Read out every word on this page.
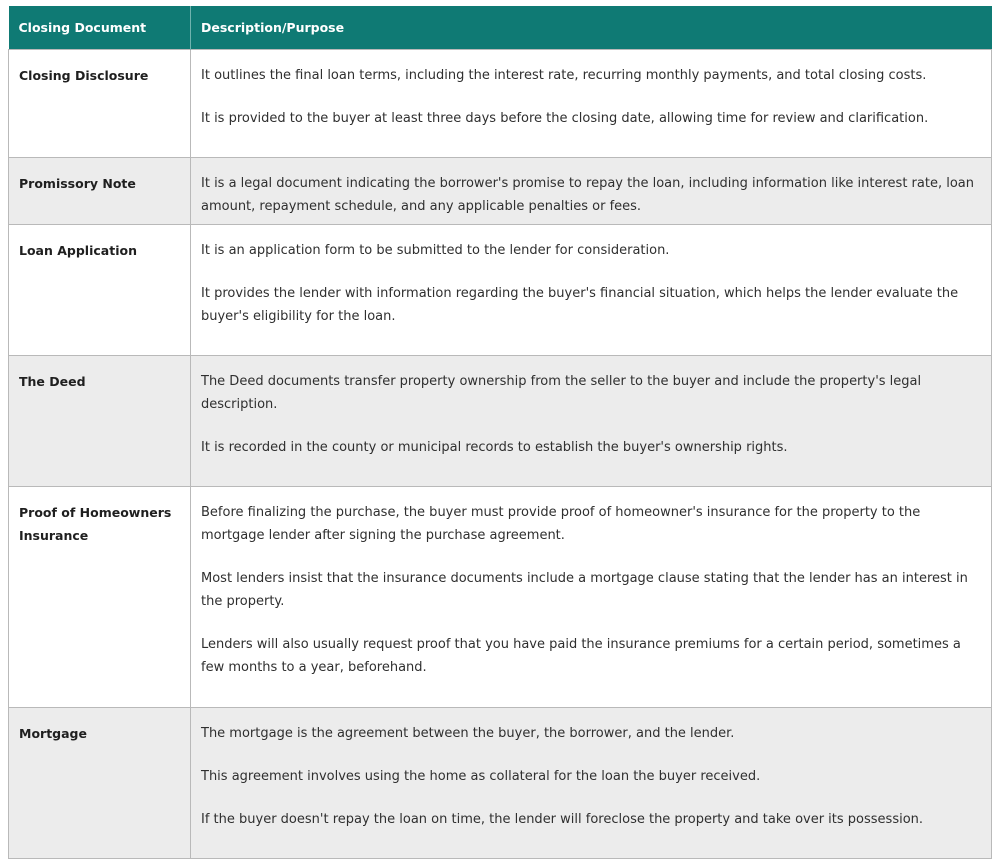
Closing Document	Description/Purpose
Closing Disclosure	It outlines the final loan terms, including the interest rate, recurring monthly payments, and total closing costs.

It is provided to the buyer at least three days before the closing date, allowing time for review and clarification.

Promissory Note	It is a legal document indicating the borrower's promise to repay the loan, including information like interest rate, loan amount, repayment schedule, and any applicable penalties or fees.

Loan Application	It is an application form to be submitted to the lender for consideration.

It provides the lender with information regarding the buyer's financial situation, which helps the lender evaluate the buyer's eligibility for the loan.

The Deed	The Deed documents transfer property ownership from the seller to the buyer and include the property's legal description.

It is recorded in the county or municipal records to establish the buyer's ownership rights.

Proof of Homeowners Insurance	Before finalizing the purchase, the buyer must provide proof of homeowner's insurance for the property to the mortgage lender after signing the purchase agreement.

Most lenders insist that the insurance documents include a mortgage clause stating that the lender has an interest in the property.

Lenders will also usually request proof that you have paid the insurance premiums for a certain period, sometimes a few months to a year, beforehand.

Mortgage	The mortgage is the agreement between the buyer, the borrower, and the lender.

This agreement involves using the home as collateral for the loan the buyer received.

If the buyer doesn't repay the loan on time, the lender will foreclose the property and take over its possession.
